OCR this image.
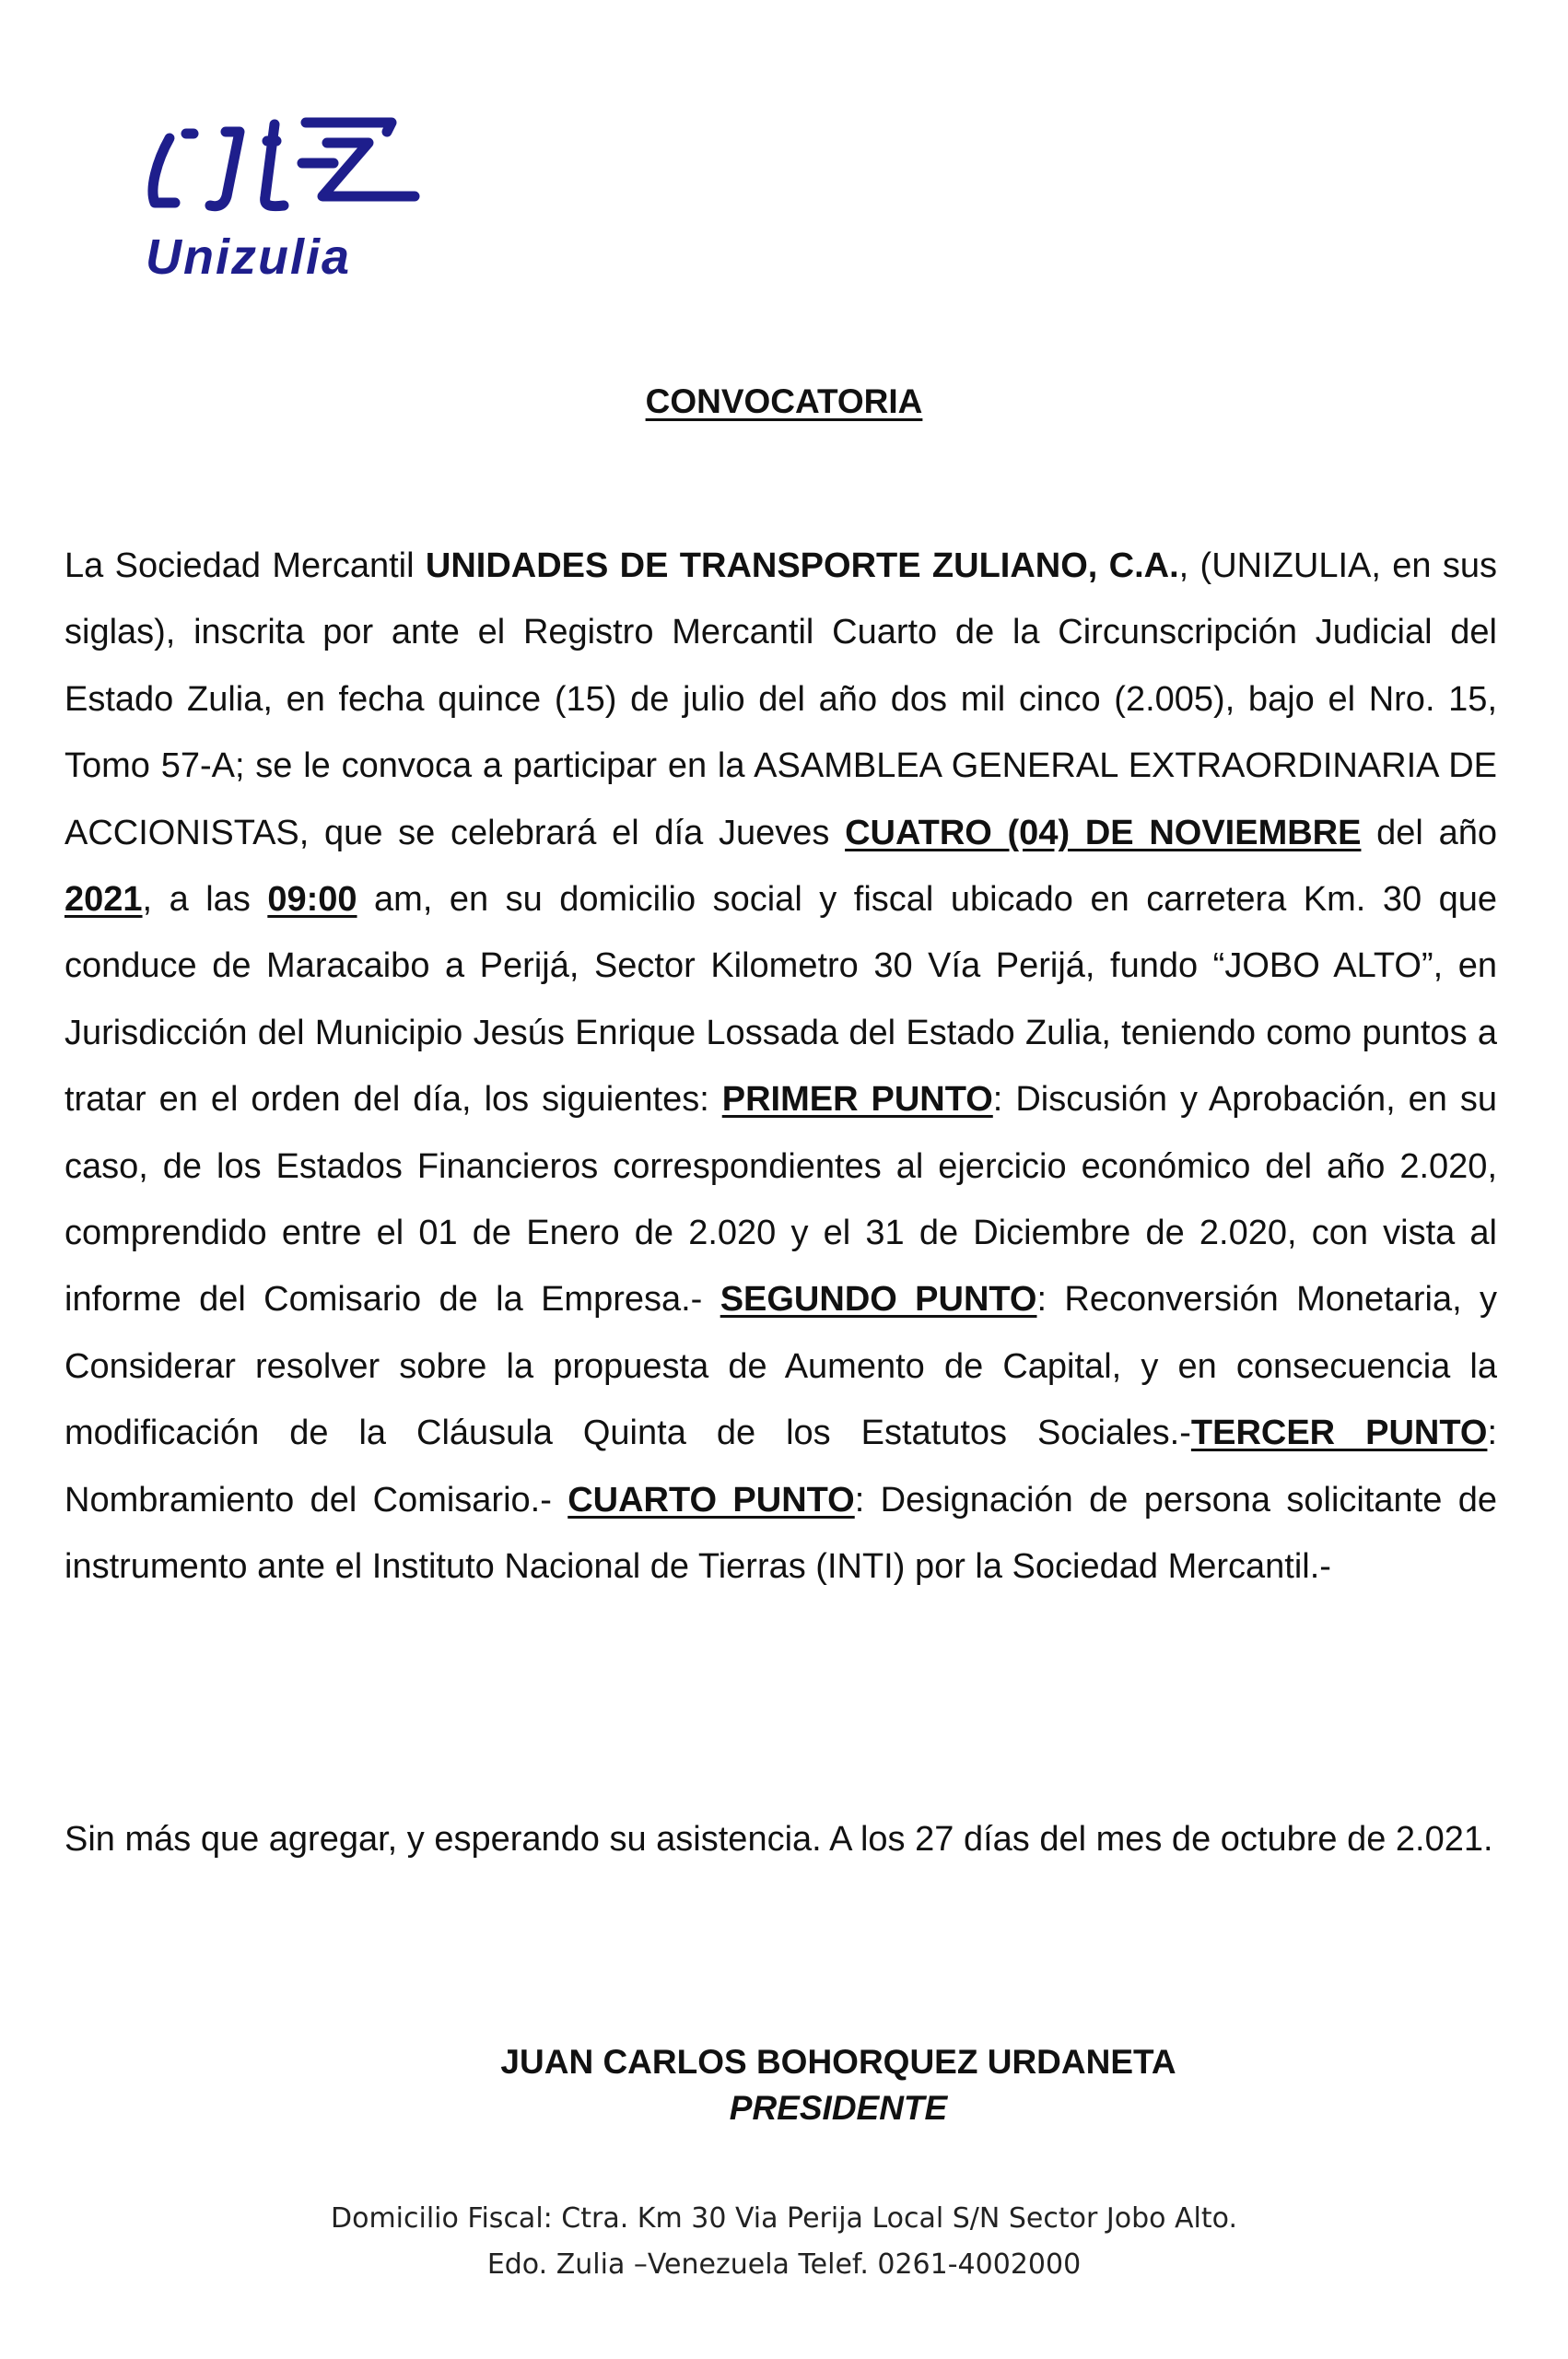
Unizulia
CONVOCATORIA

La Sociedad Mercantil UNIDADES DE TRANSPORTE ZULIANO, C.A., (UNIZULIA, en sus siglas), inscrita por ante el Registro Mercantil Cuarto de la Circunscripción Judicial del Estado Zulia, en fecha quince (15) de julio del año dos mil cinco (2.005), bajo el Nro. 15, Tomo 57-A; se le convoca a participar en la ASAMBLEA GENERAL EXTRAORDINARIA DE ACCIONISTAS, que se celebrará el día Jueves CUATRO (04) DE NOVIEMBRE del año 2021, a las 09:00 am, en su domicilio social y fiscal ubicado en carretera Km. 30 que conduce de Maracaibo a Perijá, Sector Kilometro 30 Vía Perijá, fundo “JOBO ALTO”, en Jurisdicción del Municipio Jesús Enrique Lossada del Estado Zulia, teniendo como puntos a tratar en el orden del día, los siguientes: PRIMER PUNTO: Discusión y Aprobación, en su caso, de los Estados Financieros correspondientes al ejercicio económico del año 2.020, comprendido entre el 01 de Enero de 2.020 y el 31 de Diciembre de 2.020, con vista al informe del Comisario de la Empresa.- SEGUNDO PUNTO: Reconversión Monetaria, y Considerar resolver sobre la propuesta de Aumento de Capital, y en consecuencia la modificación de la Cláusula Quinta de los Estatutos Sociales.-TERCER PUNTO: Nombramiento del Comisario.- CUARTO PUNTO: Designación de persona solicitante de instrumento ante el Instituto Nacional de Tierras (INTI) por la Sociedad Mercantil.-

Sin más que agregar, y esperando su asistencia. A los 27 días del mes de octubre de 2.021.
JUAN CARLOS BOHORQUEZ URDANETA
PRESIDENTE
Domicilio Fiscal: Ctra. Km 30 Via Perija Local S/N Sector Jobo Alto.
Edo. Zulia –Venezuela Telef. 0261-4002000
